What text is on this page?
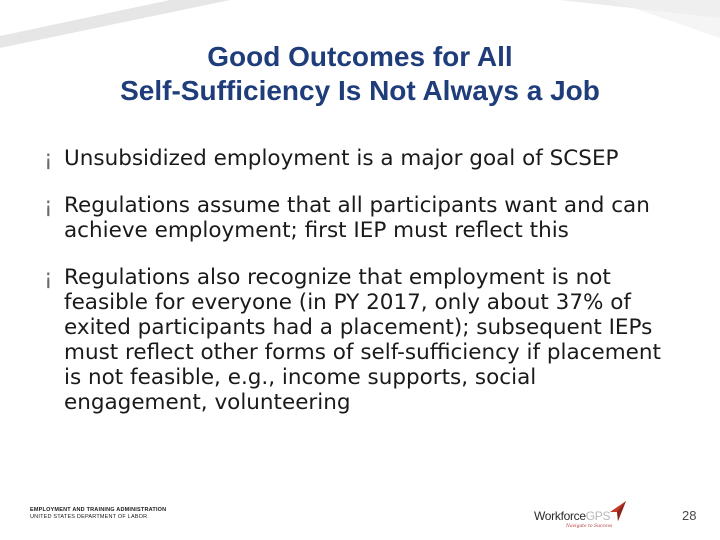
Good Outcomes for All
Self-Sufficiency Is Not Always a Job
¡ Unsubsidized employment is a major goal of SCSEP
¡ Regulations assume that all participants want and can achieve employment; first IEP must reflect this
¡ Regulations also recognize that employment is not feasible for everyone (in PY 2017, only about 37% of exited participants had a placement); subsequent IEPs must reflect other forms of self-sufficiency if placement is not feasible, e.g., income supports, social engagement, volunteering
EMPLOYMENT AND TRAINING ADMINISTRATION
UNITED STATES DEPARTMENT OF LABOR	WorkforceGPS
Navigate to Success
28
